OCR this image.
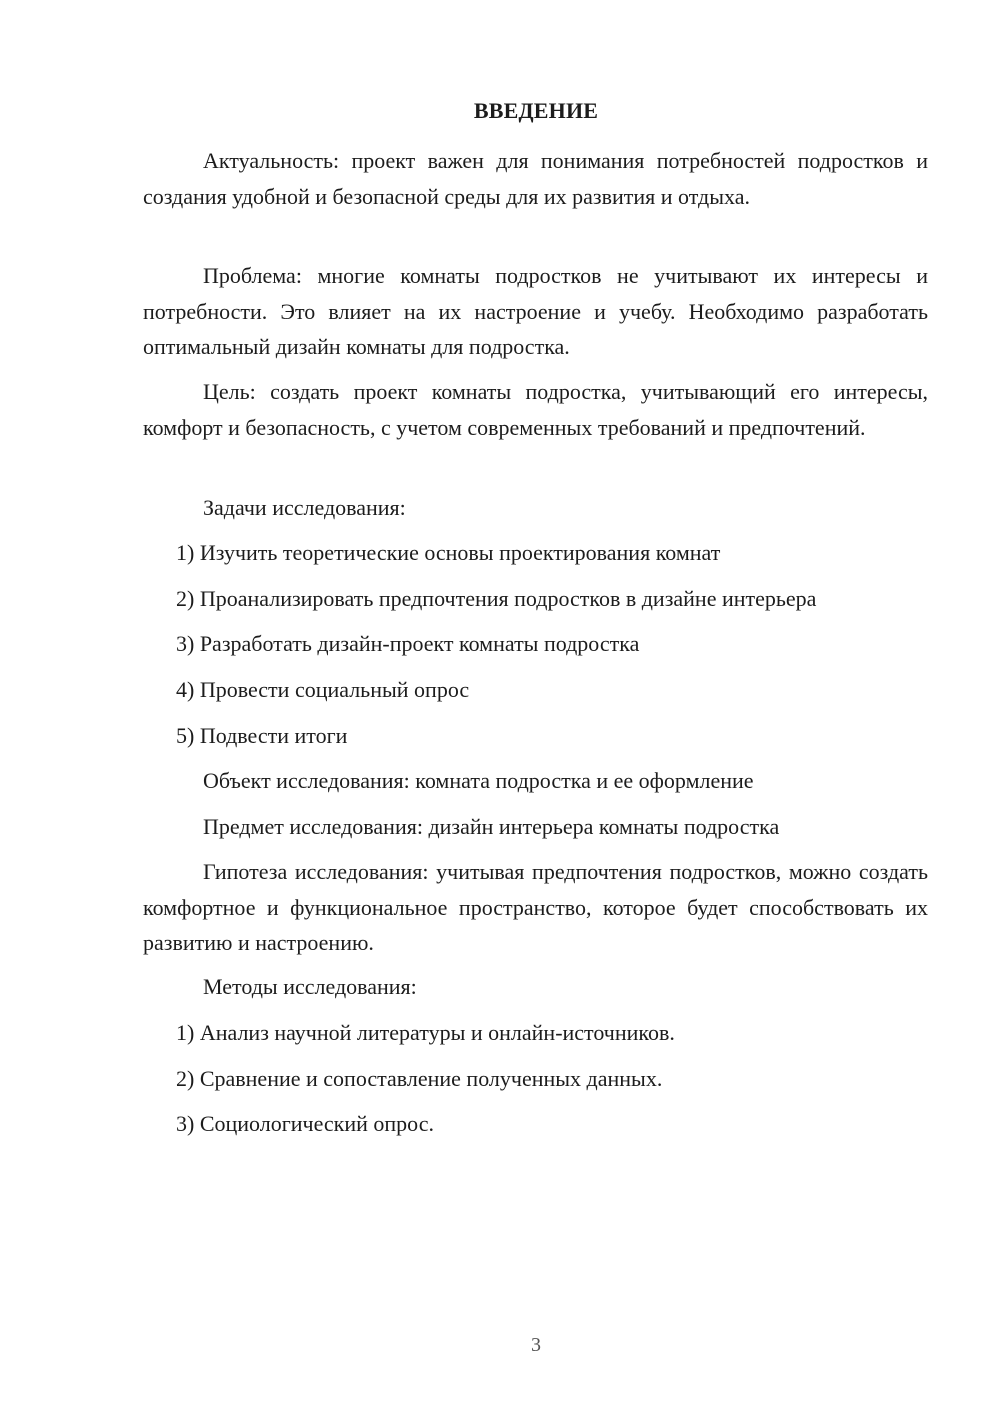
ВВЕДЕНИЕ

Актуальность: проект важен для понимания потребностей подростков и создания удобной и безопасной среды для их развития и отдыха.

Проблема: многие комнаты подростков не учитывают их интересы и потребности. Это влияет на их настроение и учебу. Необходимо разработать оптимальный дизайн комнаты для подростка.

Цель: создать проект комнаты подростка, учитывающий его интересы, комфорт и безопасность, с учетом современных требований и предпочтений.

Задачи исследования:

1) Изучить теоретические основы проектирования комнат

2) Проанализировать предпочтения подростков в дизайне интерьера

3) Разработать дизайн-проект комнаты подростка

4) Провести социальный опрос

5) Подвести итоги

Объект исследования: комната подростка и ее оформление

Предмет исследования: дизайн интерьера комнаты подростка

Гипотеза исследования: учитывая предпочтения подростков, можно создать комфортное и функциональное пространство, которое будет способствовать их развитию и настроению.

Методы исследования:

1) Анализ научной литературы и онлайн-источников.

2) Сравнение и сопоставление полученных данных.

3) Социологический опрос.

3
